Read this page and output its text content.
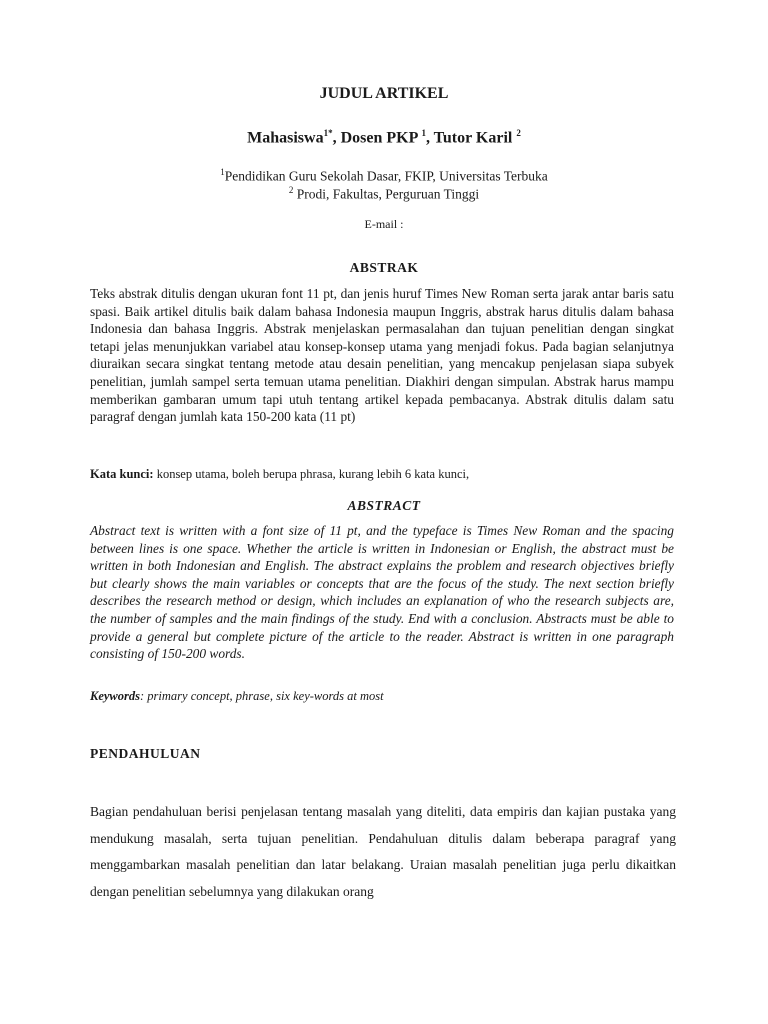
JUDUL ARTIKEL
Mahasiswa$^{1*}$, Dosen PKP $^1$, Tutor Karil $^2$
$^1$Pendidikan Guru Sekolah Dasar, FKIP, Universitas Terbuka
$^2$ Prodi, Fakultas, Perguruan Tinggi
E-mail :
ABSTRAK

Teks abstrak ditulis dengan ukuran font 11 pt, dan jenis huruf Times New Roman serta jarak antar baris satu spasi. Baik artikel ditulis baik dalam bahasa Indonesia maupun Inggris, abstrak harus ditulis dalam bahasa Indonesia dan bahasa Inggris. Abstrak menjelaskan permasalahan dan tujuan penelitian dengan singkat tetapi jelas menunjukkan variabel atau konsep-konsep utama yang menjadi fokus. Pada bagian selanjutnya diuraikan secara singkat tentang metode atau desain penelitian, yang mencakup penjelasan siapa subyek penelitian, jumlah sampel serta temuan utama penelitian. Diakhiri dengan simpulan. Abstrak harus mampu memberikan gambaran umum tapi utuh tentang artikel kepada pembacanya. Abstrak ditulis dalam satu paragraf dengan jumlah kata 150-200 kata (11 pt)

Kata kunci: konsep utama, boleh berupa phrasa, kurang lebih 6 kata kunci,
ABSTRACT

Abstract text is written with a font size of 11 pt, and the typeface is Times New Roman and the spacing between lines is one space. Whether the article is written in Indonesian or English, the abstract must be written in both Indonesian and English. The abstract explains the problem and research objectives briefly but clearly shows the main variables or concepts that are the focus of the study. The next section briefly describes the research method or design, which includes an explanation of who the research subjects are, the number of samples and the main findings of the study. End with a conclusion. Abstracts must be able to provide a general but complete picture of the article to the reader. Abstract is written in one paragraph consisting of 150-200 words.

Keywords: primary concept, phrase, six key-words at most
PENDAHULUAN

Bagian pendahuluan berisi penjelasan tentang masalah yang diteliti, data empiris dan kajian pustaka yang mendukung masalah, serta tujuan penelitian. Pendahuluan ditulis dalam beberapa paragraf yang menggambarkan masalah penelitian dan latar belakang. Uraian masalah penelitian juga perlu dikaitkan dengan penelitian sebelumnya yang dilakukan orang
